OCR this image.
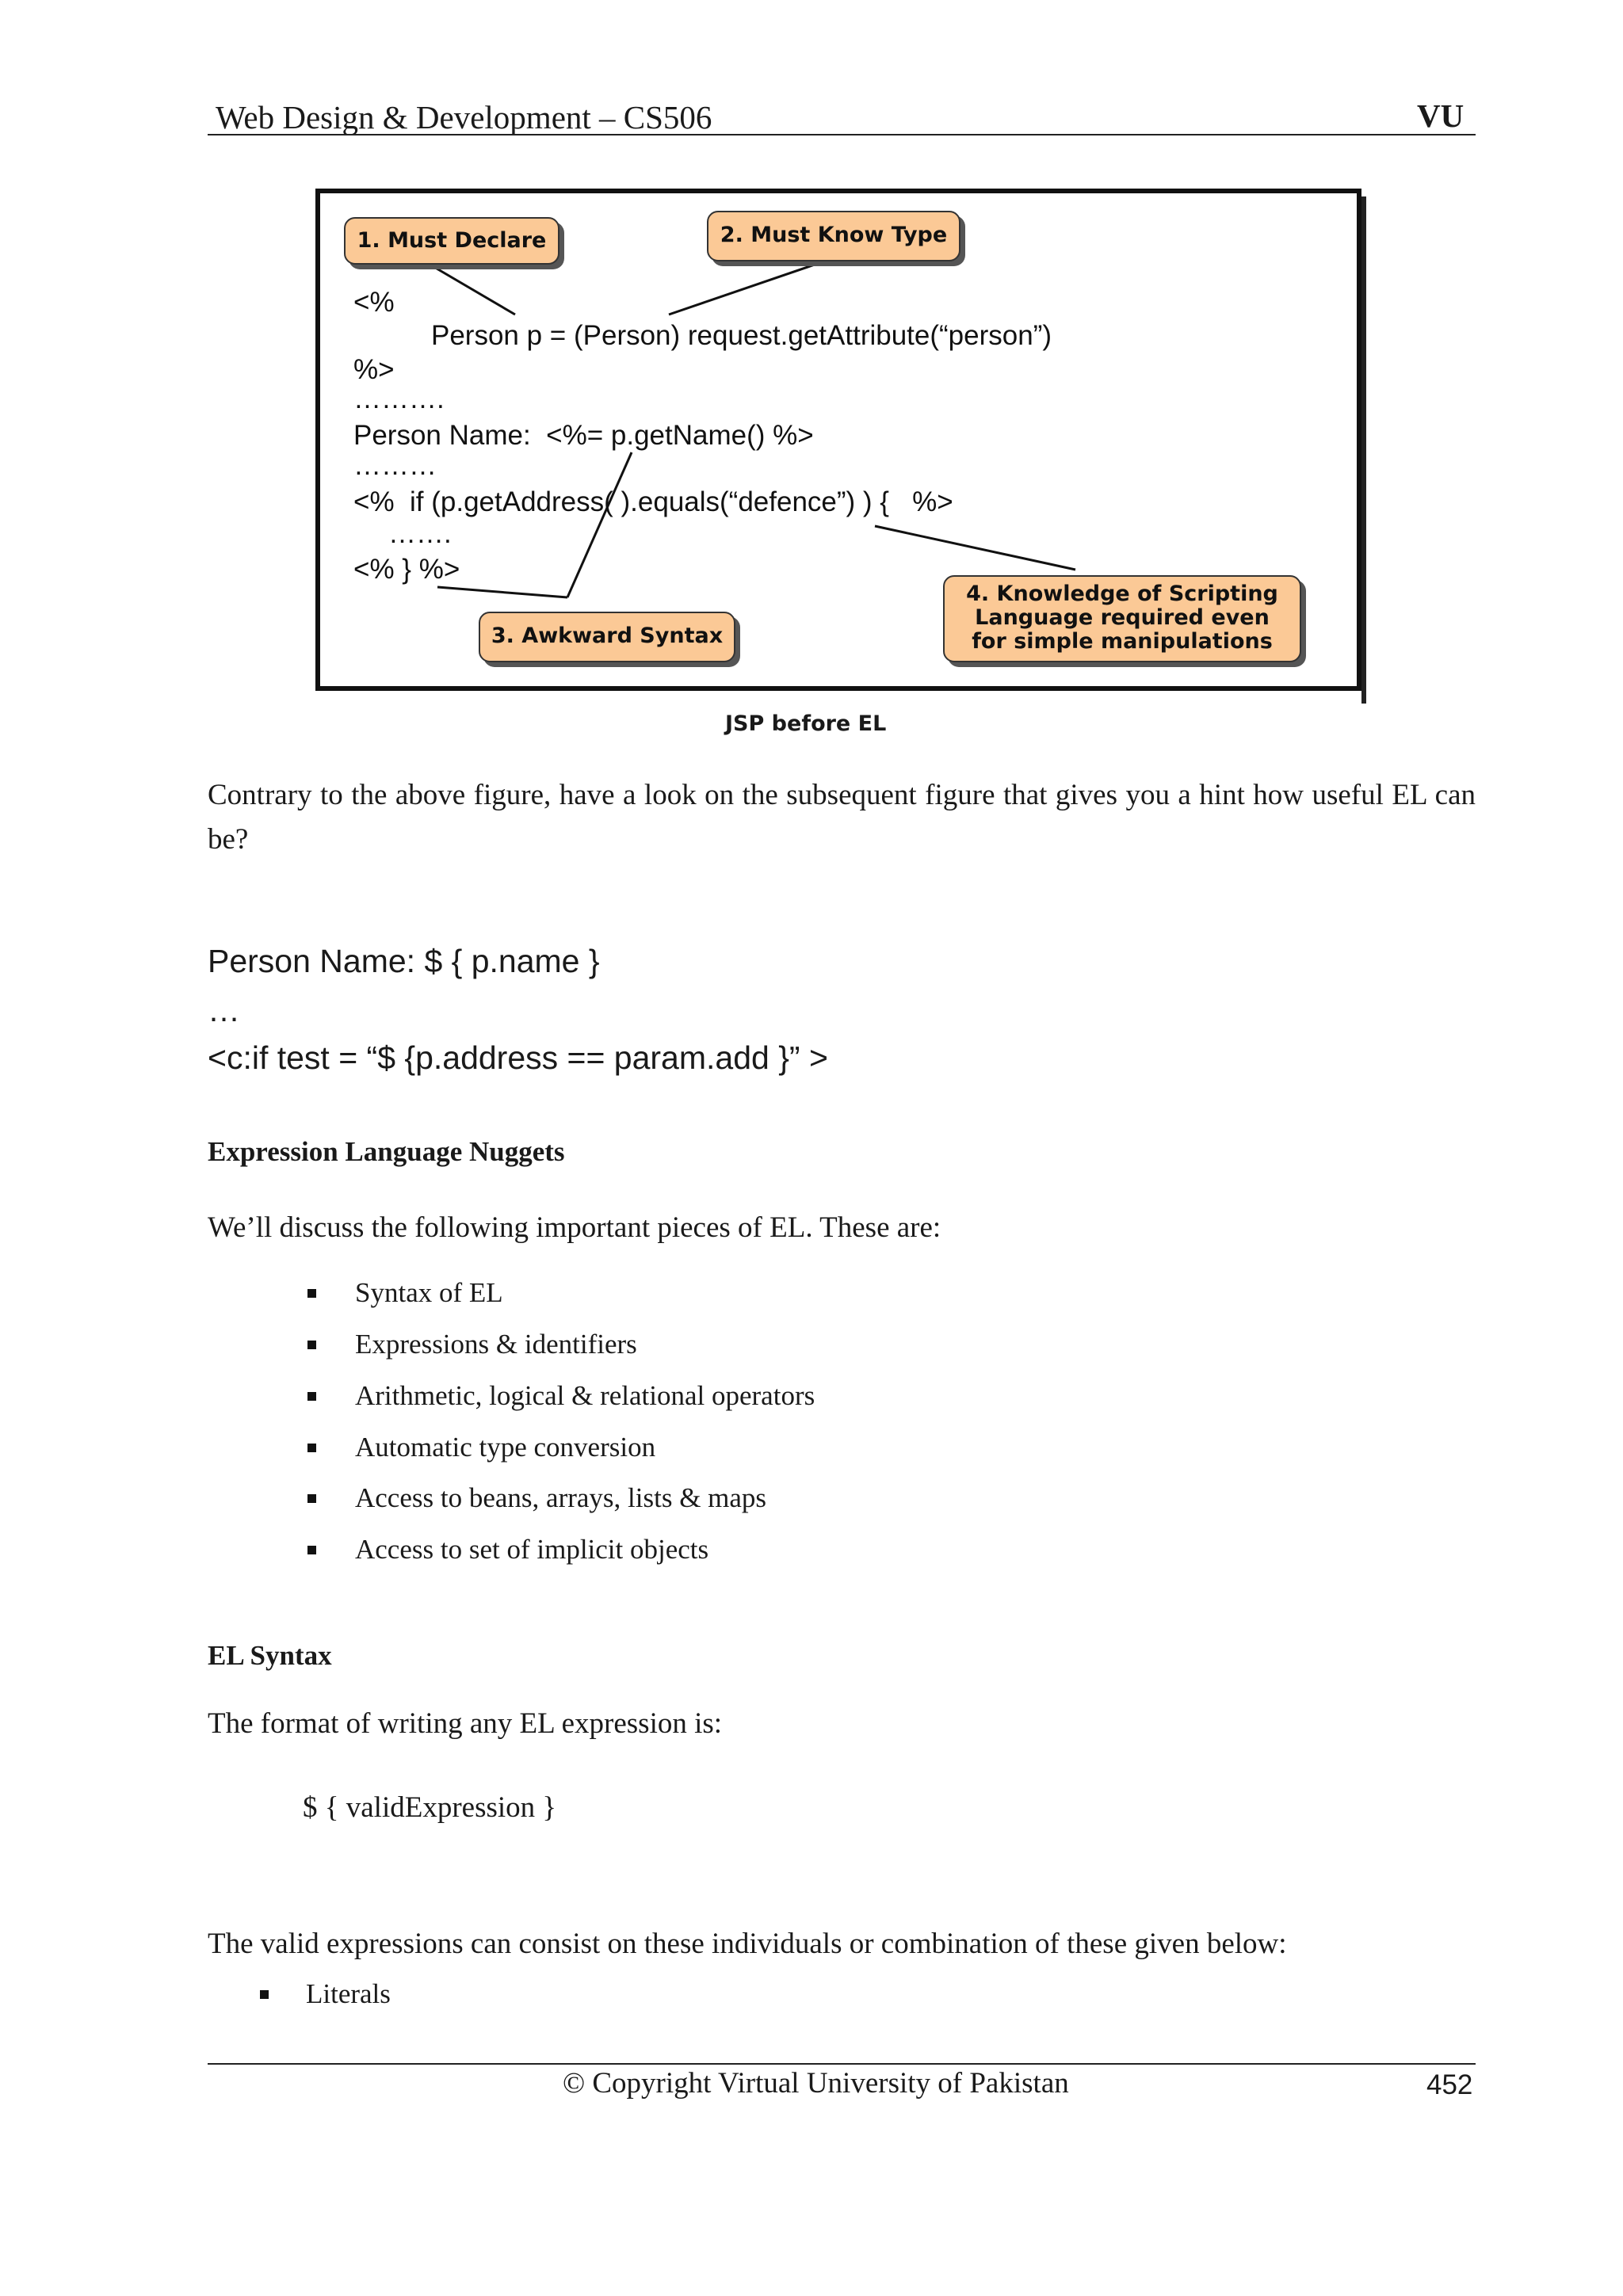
Web Design & Development – CS506	VU
<%
Person p = (Person) request.getAttribute(“person”)
%>
……….
Person Name:  <%= p.getName() %>
………
<%  if (p.getAddress( ).equals(“defence”) ) {   %>
…….
<% } %>
1. Must Declare	2. Must Know Type
3. Awkward Syntax
4. Knowledge of Scripting
Language required even
for simple manipulations
JSP before EL
Contrary to the above figure, have a look on the subsequent figure that gives you a hint how useful EL can be?
Person Name: $ { p.name }
…
<c:if test = “$ {p.address == param.add }” >
Expression Language Nuggets
We’ll discuss the following important pieces of EL. These are:
Syntax of EL
Expressions & identifiers
Arithmetic, logical & relational operators
Automatic type conversion
Access to beans, arrays, lists & maps
Access to set of implicit objects
EL Syntax
The format of writing any EL expression is:
$ { validExpression }
The valid expressions can consist on these individuals or combination of these given below:
Literals
© Copyright Virtual University of Pakistan	452
